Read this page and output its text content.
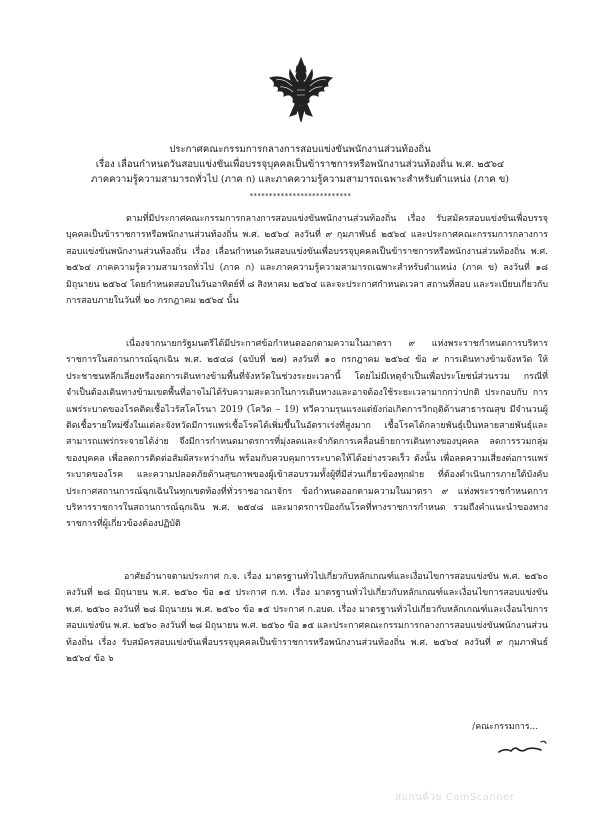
ประกาศคณะกรรมการกลางการสอบแข่งขันพนักงานส่วนท้องถิ่น
เรื่อง เลื่อนกำหนดวันสอบแข่งขันเพื่อบรรจุบุคคลเป็นข้าราชการหรือพนักงานส่วนท้องถิ่น พ.ศ. ๒๕๖๔
ภาคความรู้ความสามารถทั่วไป (ภาค ก) และภาคความรู้ความสามารถเฉพาะสำหรับตำแหน่ง (ภาค ข)
**************************

ตามที่มีประกาศคณะกรรมการกลางการสอบแข่งขันพนักงานส่วนท้องถิ่น เรื่อง รับสมัครสอบแข่งขันเพื่อบรรจุบุคคลเป็นข้าราชการหรือพนักงานส่วนท้องถิ่น พ.ศ. ๒๕๖๔ ลงวันที่ ๙ กุมภาพันธ์ ๒๕๖๔ และประกาศคณะกรรมการกลางการสอบแข่งขันพนักงานส่วนท้องถิ่น เรื่อง เลื่อนกำหนดวันสอบแข่งขันเพื่อบรรจุบุคคลเป็นข้าราชการหรือพนักงานส่วนท้องถิ่น พ.ศ. ๒๕๖๔ ภาคความรู้ความสามารถทั่วไป (ภาค ก) และภาคความรู้ความสามารถเฉพาะสำหรับตำแหน่ง (ภาค ข) ลงวันที่ ๑๘ มิถุนายน ๒๕๖๔ โดยกำหนดสอบในวันอาทิตย์ที่ ๘ สิงหาคม ๒๕๖๔ และจะประกาศกำหนดเวลา สถานที่สอบ และระเบียบเกี่ยวกับการสอบภายในวันที่ ๒๐ กรกฎาคม ๒๕๖๔ นั้น

เนื่องจากนายกรัฐมนตรีได้มีประกาศข้อกำหนดออกตามความในมาตรา ๙ แห่งพระราชกำหนดการบริหารราชการในสถานการณ์ฉุกเฉิน พ.ศ. ๒๕๔๘ (ฉบับที่ ๒๗) ลงวันที่ ๑๐ กรกฎาคม ๒๕๖๔ ข้อ ๙ การเดินทางข้ามจังหวัด ให้ประชาชนหลีกเลี่ยงหรืองดการเดินทางข้ามพื้นที่จังหวัดในช่วงระยะเวลานี้ โดยไม่มีเหตุจำเป็นเพื่อประโยชน์ส่วนรวม กรณีที่จำเป็นต้องเดินทางข้ามเขตพื้นที่อาจไม่ได้รับความสะดวกในการเดินทางและอาจต้องใช้ระยะเวลามากกว่าปกติ ประกอบกับ การแพร่ระบาดของโรคติดเชื้อไวรัสโคโรนา 2019 (โควิด – 19) ทวีความรุนแรงแต่ยังก่อเกิดการวิกฤติด้านสาธารณสุข มีจำนวนผู้ติดเชื้อรายใหม่ซึ่งในแต่ละจังหวัดมีการแพร่เชื้อโรคได้เพิ่มขึ้นในอัตราเร่งที่สูงมาก เชื้อโรคได้กลายพันธุ์เป็นหลายสายพันธุ์และสามารถแพร่กระจายได้ง่าย จึงมีการกำหนดมาตรการที่มุ่งลดและจำกัดการเคลื่อนย้ายการเดินทางของบุคคล ลดการรวมกลุ่มของบุคคล เพื่อลดการติดต่อสัมผัสระหว่างกัน พร้อมกับควบคุมการระบาดให้ได้อย่างรวดเร็ว ดังนั้น เพื่อลดความเสี่ยงต่อการแพร่ระบาดของโรค และความปลอดภัยด้านสุขภาพของผู้เข้าสอบรวมทั้งผู้ที่มีส่วนเกี่ยวข้องทุกฝ่าย ที่ต้องดำเนินการภายใต้บังคับประกาศสถานการณ์ฉุกเฉินในทุกเขตท้องที่ทั่วราชอาณาจักร ข้อกำหนดออกตามความในมาตรา ๙ แห่งพระราชกำหนดการบริหารราชการในสถานการณ์ฉุกเฉิน พ.ศ. ๒๕๔๘ และมาตรการป้องกันโรคที่ทางราชการกำหนด รวมถึงคำแนะนำของทางราชการที่ผู้เกี่ยวข้องต้องปฏิบัติ

อาศัยอำนาจตามประกาศ ก.จ. เรื่อง มาตรฐานทั่วไปเกี่ยวกับหลักเกณฑ์และเงื่อนไขการสอบแข่งขัน พ.ศ. ๒๕๖๐ ลงวันที่ ๒๘ มิถุนายน พ.ศ. ๒๕๖๐ ข้อ ๑๕ ประกาศ ก.ท. เรื่อง มาตรฐานทั่วไปเกี่ยวกับหลักเกณฑ์และเงื่อนไขการสอบแข่งขัน พ.ศ. ๒๕๖๐ ลงวันที่ ๒๘ มิถุนายน พ.ศ. ๒๕๖๐ ข้อ ๑๕ ประกาศ ก.อบต. เรื่อง มาตรฐานทั่วไปเกี่ยวกับหลักเกณฑ์และเงื่อนไขการสอบแข่งขัน พ.ศ. ๒๕๖๐ ลงวันที่ ๒๘ มิถุนายน พ.ศ. ๒๕๖๐ ข้อ ๑๕ และประกาศคณะกรรมการกลางการสอบแข่งขันพนักงานส่วนท้องถิ่น เรื่อง รับสมัครสอบแข่งขันเพื่อบรรจุบุคคลเป็นข้าราชการหรือพนักงานส่วนท้องถิ่น พ.ศ. ๒๕๖๔ ลงวันที่ ๙ กุมภาพันธ์ ๒๕๖๔ ข้อ ๖

/คณะกรรมการ...
สแกนด้วย CamScanner
